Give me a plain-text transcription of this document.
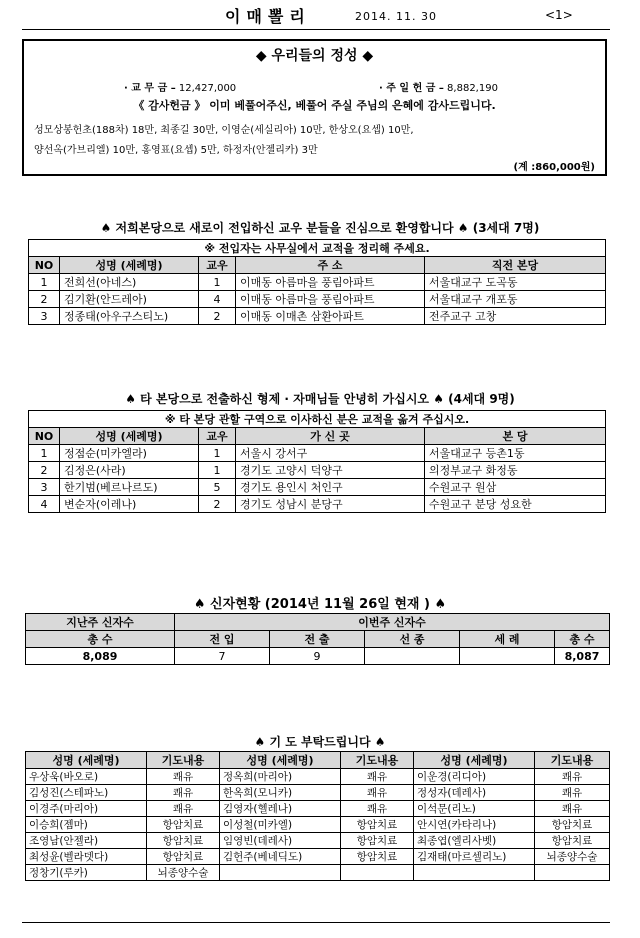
이매뽈리	2014. 11. 30	<1>
◆ 우리들의 정성 ◆
· 교 무 금 – 12,427,000	· 주 일 헌 금 – 8,882,190
《 감사헌금 》 이미 베풀어주신, 베풀어 주실 주님의 은혜에 감사드립니다.
성모상봉헌초(188차) 18만, 최종길 30만, 이영순(세실리아) 10만, 한상오(요셉) 10만,
양선옥(가브리엘) 10만, 홍영표(요셉) 5만, 하정자(안젤리카) 3만
(계 :860,000원)
♠ 저희본당으로 새로이 전입하신 교우 분들을 진심으로 환영합니다 ♠ (3세대 7명)
※ 전입자는 사무실에서 교적을 정리해 주세요.				
NO	성명 (세례명)	교우	주 소	직전 본당
1	전희선(아네스)	1	이매동 아름마을 풍림아파트	서울대교구 도곡동
2	김기환(안드레아)	4	이매동 아름마을 풍림아파트	서울대교구 개포동
3	정종태(아우구스티노)	2	이매동 이매촌 삼환아파트	전주교구 고창
♠ 타 본당으로 전출하신 형제 · 자매님들 안녕히 가십시오 ♠ (4세대 9명)
※ 타 본당 관할 구역으로 이사하신 분은 교적을 옮겨 주십시오.				
NO	성명 (세례명)	교우	가 신 곳	본 당
1	정점순(미카엘라)	1	서울시 강서구	서울대교구 등촌1동
2	김정은(사라)	1	경기도 고양시 덕양구	의정부교구 화정동
3	한기범(베르나르도)	5	경기도 용인시 처인구	수원교구 원삼
4	변순자(이레나)	2	경기도 성남시 분당구	수원교구 분당 성요한
♠ 신자현황 (2014년 11월 26일 현재 ) ♠
지난주 신자수	이번주 신자수				
총 수	전 입	전 출	선 종	세 례	총 수
8,089	7	9			8,087
♠ 기 도 부탁드립니다 ♠
성명 (세례명)	기도내용	성명 (세례명)	기도내용	성명 (세례명)	기도내용
우상욱(바오로)	쾌유	정옥희(마리아)	쾌유	이운경(리디아)	쾌유
김성진(스테파노)	쾌유	한옥희(모니카)	쾌유	정성자(데레사)	쾌유
이경주(마리아)	쾌유	김영자(헬레나)	쾌유	이석문(리노)	쾌유
이승희(젬마)	항암치료	이성철(미카엘)	항암치료	안시연(카타리나)	항암치료
조영남(안젤라)	항암치료	임영빈(데레사)	항암치료	최종엽(엘리사벳)	항암치료
최성윤(벨라뎃다)	항암치료	김헌주(베네딕도)	항암치료	김재태(마르셀리노)	뇌종양수술
정창기(루카)	뇌종양수술				
